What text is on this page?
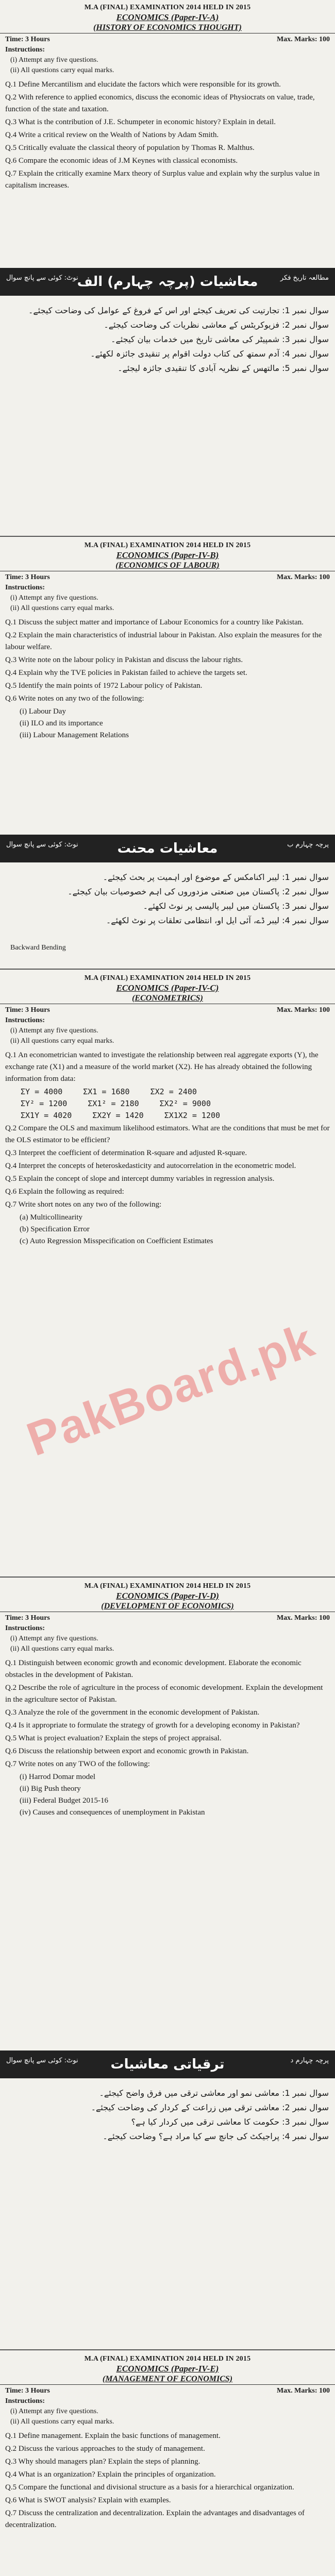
M.A (FINAL) EXAMINATION 2014 HELD IN 2015
ECONOMICS (Paper-IV-A)
(HISTORY OF ECONOMICS THOUGHT)
Time: 3 Hours	Max. Marks: 100
Instructions:
(i) Attempt any five questions.
(ii) All questions carry equal marks.
Q.1 Define Mercantilism and elucidate the factors which were responsible for its growth.
Q.2 With reference to applied economics, discuss the economic ideas of Physiocrats on value, trade, function of the state and taxation.
Q.3 What is the contribution of J.E. Schumpeter in economic history? Explain in detail.
Q.4 Write a critical review on the Wealth of Nations by Adam Smith.
Q.5 Critically evaluate the classical theory of population by Thomas R. Malthus.
Q.6 Compare the economic ideas of J.M Keynes with classical economists.
Q.7 Explain the critically examine Marx theory of Surplus value and explain why the surplus value in capitalism increases.
معاشیات (پرچہ چہارم) الف	مطالعہ تاریخ فکر
نوٹ: کوئی سے پانچ سوال

سوال نمبر 1: تجارتیت کی تعریف کیجئے اور اس کے فروغ کے عوامل کی وضاحت کیجئے۔

سوال نمبر 2: فزیوکریٹس کے معاشی نظریات کی وضاحت کیجئے۔

سوال نمبر 3: شمپیٹر کی معاشی تاریخ میں خدمات بیان کیجئے۔

سوال نمبر 4: آدم سمتھ کی کتاب دولت اقوام پر تنقیدی جائزہ لکھئے۔

سوال نمبر 5: مالتھس کے نظریہ آبادی کا تنقیدی جائزہ لیجئے۔

M.A (FINAL) EXAMINATION 2014 HELD IN 2015
ECONOMICS (Paper-IV-B)
(ECONOMICS OF LABOUR)
Time: 3 Hours	Max. Marks: 100
Instructions:
(i) Attempt any five questions.
(ii) All questions carry equal marks.
Q.1 Discuss the subject matter and importance of Labour Economics for a country like Pakistan.
Q.2 Explain the main characteristics of industrial labour in Pakistan. Also explain the measures for the labour welfare.
Q.3 Write note on the labour policy in Pakistan and discuss the labour rights.
Q.4 Explain why the TVE policies in Pakistan failed to achieve the targets set.
Q.5 Identify the main points of 1972 Labour policy of Pakistan.
Q.6 Write notes on any two of the following:
(i) Labour Day
(ii) ILO and its importance
(iii) Labour Management Relations
معاشیات محنت	پرچہ چہارم ب
نوٹ: کوئی سے پانچ سوال

سوال نمبر 1: لیبر اکنامکس کے موضوع اور اہمیت پر بحث کیجئے۔

سوال نمبر 2: پاکستان میں صنعتی مزدوروں کی اہم خصوصیات بیان کیجئے۔

سوال نمبر 3: پاکستان میں لیبر پالیسی پر نوٹ لکھئے۔

سوال نمبر 4: لیبر ڈے، آئی ایل او، انتظامی تعلقات پر نوٹ لکھئے۔

Backward Bending
M.A (FINAL) EXAMINATION 2014 HELD IN 2015
ECONOMICS (Paper-IV-C)
(ECONOMETRICS)
Time: 3 Hours	Max. Marks: 100
Instructions:
(i) Attempt any five questions.
(ii) All questions carry equal marks.
Q.1 An econometrician wanted to investigate the relationship between real aggregate exports (Y), the exchange rate (X1) and a measure of the world market (X2). He has already obtained the following information from data:
ΣY = 4000	ΣX1 = 1680	ΣX2 = 2400
ΣY² = 1200	ΣX1² = 2180	ΣX2² = 9000
ΣX1Y = 4020	ΣX2Y = 1420	ΣX1X2 = 1200
Q.2 Compare the OLS and maximum likelihood estimators. What are the conditions that must be met for the OLS estimator to be efficient?
Q.3 Interpret the coefficient of determination R-square and adjusted R-square.
Q.4 Interpret the concepts of heteroskedasticity and autocorrelation in the econometric model.
Q.5 Explain the concept of slope and intercept dummy variables in regression analysis.
Q.6 Explain the following as required:
Q.7 Write short notes on any two of the following:
(a) Multicollinearity
(b) Specification Error
(c) Auto Regression Misspecification on Coefficient Estimates
PakBoard.pk
M.A (FINAL) EXAMINATION 2014 HELD IN 2015
ECONOMICS (Paper-IV-D)
(DEVELOPMENT OF ECONOMICS)
Time: 3 Hours	Max. Marks: 100
Instructions:
(i) Attempt any five questions.
(ii) All questions carry equal marks.
Q.1 Distinguish between economic growth and economic development. Elaborate the economic obstacles in the development of Pakistan.
Q.2 Describe the role of agriculture in the process of economic development. Explain the development in the agriculture sector of Pakistan.
Q.3 Analyze the role of the government in the economic development of Pakistan.
Q.4 Is it appropriate to formulate the strategy of growth for a developing economy in Pakistan?
Q.5 What is project evaluation? Explain the steps of project appraisal.
Q.6 Discuss the relationship between export and economic growth in Pakistan.
Q.7 Write notes on any TWO of the following:
(i) Harrod Domar model
(ii) Big Push theory
(iii) Federal Budget 2015-16
(iv) Causes and consequences of unemployment in Pakistan
ترقیاتی معاشیات	پرچہ چہارم د
نوٹ: کوئی سے پانچ سوال

سوال نمبر 1: معاشی نمو اور معاشی ترقی میں فرق واضح کیجئے۔

سوال نمبر 2: معاشی ترقی میں زراعت کے کردار کی وضاحت کیجئے۔

سوال نمبر 3: حکومت کا معاشی ترقی میں کردار کیا ہے؟

سوال نمبر 4: پراجیکٹ کی جانچ سے کیا مراد ہے؟ وضاحت کیجئے۔

M.A (FINAL) EXAMINATION 2014 HELD IN 2015
ECONOMICS (Paper-IV-E)
(MANAGEMENT OF ECONOMICS)
Time: 3 Hours	Max. Marks: 100
Instructions:
(i) Attempt any five questions.
(ii) All questions carry equal marks.
Q.1 Define management. Explain the basic functions of management.
Q.2 Discuss the various approaches to the study of management.
Q.3 Why should managers plan? Explain the steps of planning.
Q.4 What is an organization? Explain the principles of organization.
Q.5 Compare the functional and divisional structure as a basis for a hierarchical organization.
Q.6 What is SWOT analysis? Explain with examples.
Q.7 Discuss the centralization and decentralization. Explain the advantages and disadvantages of decentralization.
